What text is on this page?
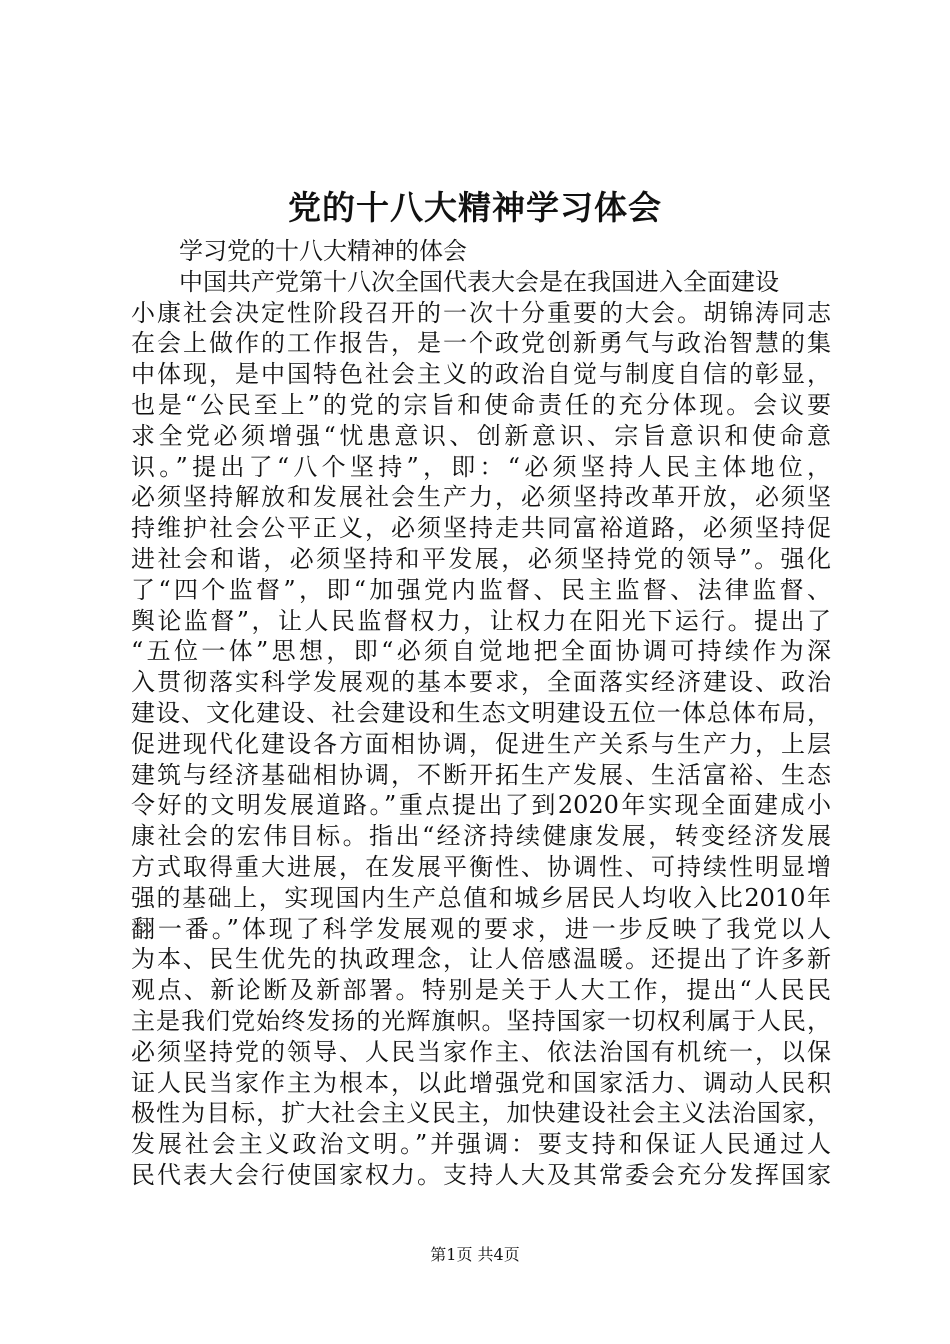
党的十八大精神学习体会
学习党的十八大精神的体会
中国共产党第十八次全国代表大会是在我国进入全面建设
小康社会决定性阶段召开的一次十分重要的大会。胡锦涛同志
在会上做作的工作报告，是一个政党创新勇气与政治智慧的集
中体现，是中国特色社会主义的政治自觉与制度自信的彰显，
也是“公民至上”的党的宗旨和使命责任的充分体现。会议要
求全党必须增强“忧患意识、创新意识、宗旨意识和使命意
识。”提出了“八个坚持”，即：“必须坚持人民主体地位，
必须坚持解放和发展社会生产力，必须坚持改革开放，必须坚
持维护社会公平正义，必须坚持走共同富裕道路，必须坚持促
进社会和谐，必须坚持和平发展，必须坚持党的领导”。强化
了“四个监督”，即“加强党内监督、民主监督、法律监督、
舆论监督”，让人民监督权力，让权力在阳光下运行。提出了
“五位一体”思想，即“必须自觉地把全面协调可持续作为深
入贯彻落实科学发展观的基本要求，全面落实经济建设、政治
建设、文化建设、社会建设和生态文明建设五位一体总体布局，
促进现代化建设各方面相协调，促进生产关系与生产力，上层
建筑与经济基础相协调，不断开拓生产发展、生活富裕、生态
令好的文明发展道路。”重点提出了到2020年实现全面建成小
康社会的宏伟目标。指出“经济持续健康发展，转变经济发展
方式取得重大进展，在发展平衡性、协调性、可持续性明显增
强的基础上，实现国内生产总值和城乡居民人均收入比2010年
翻一番。”体现了科学发展观的要求，进一步反映了我党以人
为本、民生优先的执政理念，让人倍感温暖。还提出了许多新
观点、新论断及新部署。特别是关于人大工作，提出“人民民
主是我们党始终发扬的光辉旗帜。坚持国家一切权利属于人民，
必须坚持党的领导、人民当家作主、依法治国有机统一，以保
证人民当家作主为根本，以此增强党和国家活力、调动人民积
极性为目标，扩大社会主义民主，加快建设社会主义法治国家，
发展社会主义政治文明。”并强调：要支持和保证人民通过人
民代表大会行使国家权力。支持人大及其常委会充分发挥国家
第1页 共4页
